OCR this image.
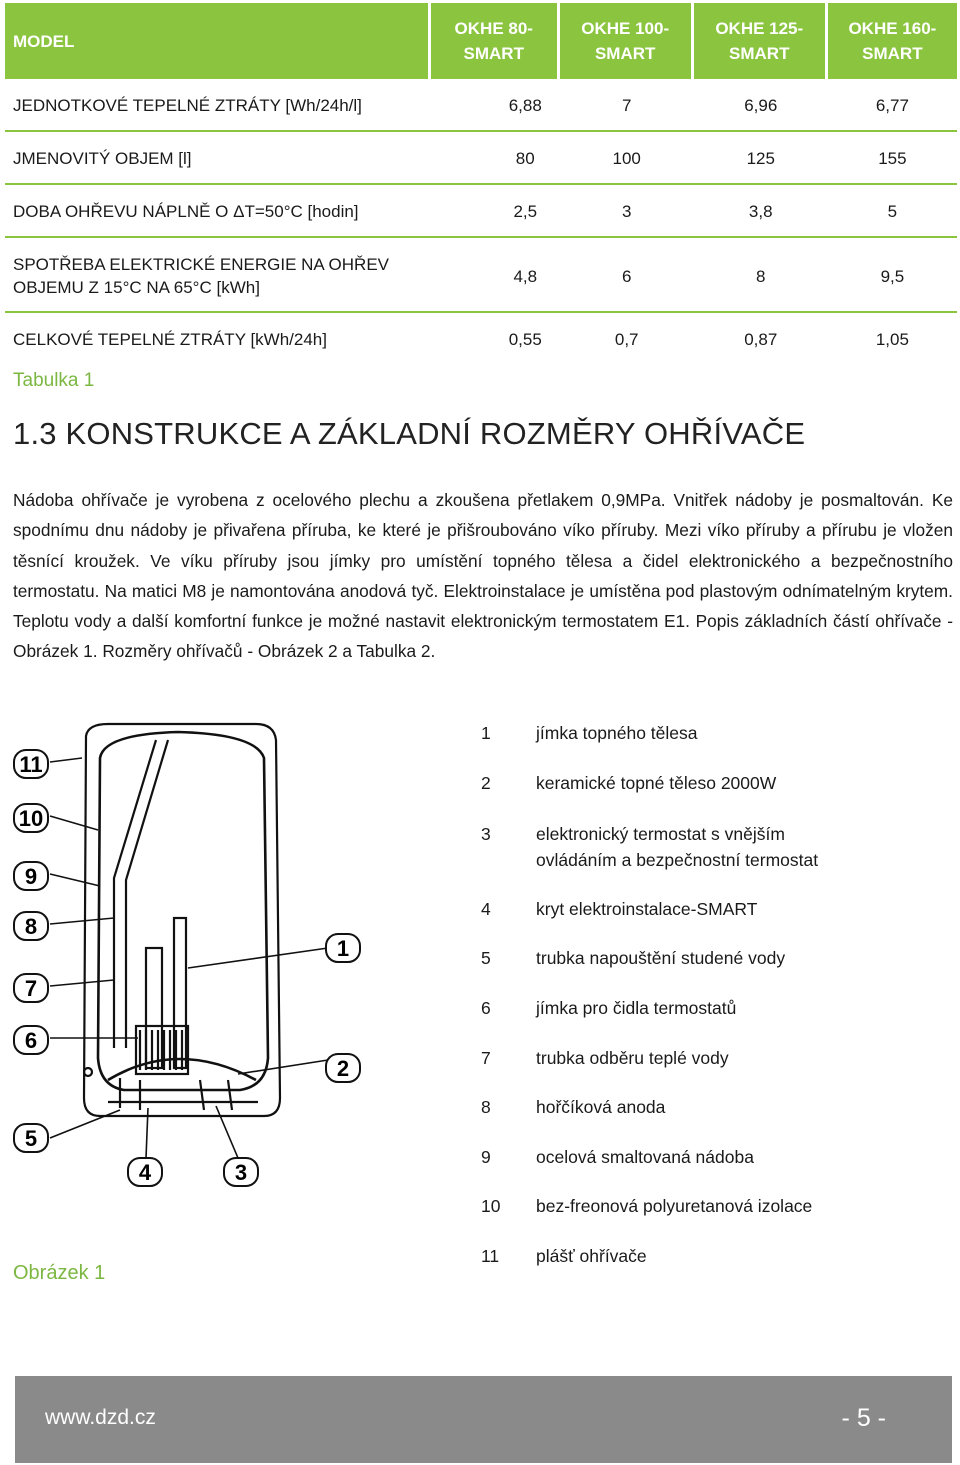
MODEL	OKHE 80-SMART	OKHE 100-SMART	OKHE 125-SMART	OKHE 160-SMART

JEDNOTKOVÉ TEPELNÉ ZTRÁTY [Wh/24h/l]	6,88	7	6,96	6,77
JMENOVITÝ OBJEM [l]	80	100	125	155
DOBA OHŘEVU NÁPLNĚ O ΔT=50°C [hodin]	2,5	3	3,8	5

SPOTŘEBA ELEKTRICKÉ ENERGIE NA OHŘEV OBJEMU Z 15°C NA 65°C [kWh]	4,8	6	8	9,5
CELKOVÉ TEPELNÉ ZTRÁTY [kWh/24h]	0,55	0,7	0,87	1,05
Tabulka 1
1.3 KONSTRUKCE A ZÁKLADNÍ ROZMĚRY OHŘÍVAČE

Nádoba ohřívače je vyrobena z ocelového plechu a zkoušena přetlakem 0,9MPa. Vnitřek nádoby je posmaltován. Ke spodnímu dnu nádoby je přivařena příruba, ke které je přišroubováno víko příruby. Mezi víko příruby a přírubu je vložen těsnící kroužek. Ve víku příruby jsou jímky pro umístění topného tělesa a čidel elektronického a bezpečnostního termostatu. Na matici M8 je namontována anodová tyč. Elektroinstalace je umístěna pod plastovým odnímatelným krytem. Teplotu vody a další komfortní funkce je možné nastavit elektronickým termostatem E1. Popis základních částí ohřívače - Obrázek 1. Rozměry ohřívačů - Obrázek 2 a Tabulka 2.

11
10
9
8
7
6
5
4	3
2
1
1	jímka topného tělesa
2	keramické topné těleso 2000W
3	elektronický termostat s vnějším ovládáním a bezpečnostní termostat
4	kryt elektroinstalace-SMART
5	trubka napouštění studené vody
6	jímka pro čidla termostatů
7	trubka odběru teplé vody
8	hořčíková anoda
9	ocelová smaltovaná nádoba
10	bez-freonová polyuretanová izolace
11	plášť ohřívače
Obrázek 1
www.dzd.cz	- 5 -
